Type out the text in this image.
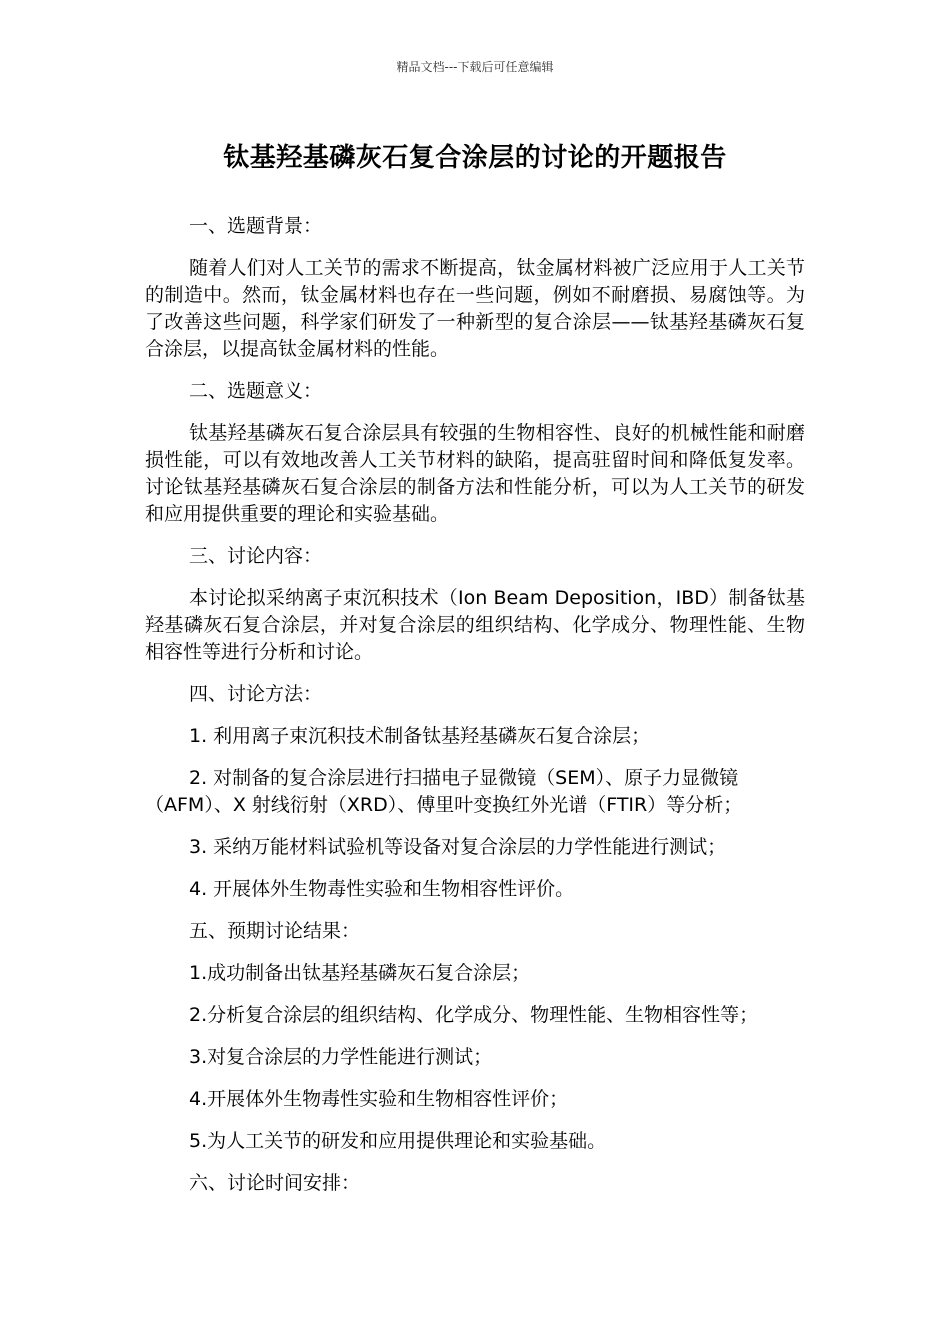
精品文档---下载后可任意编辑
钛基羟基磷灰石复合涂层的讨论的开题报告

一、选题背景：

随着人们对人工关节的需求不断提高，钛金属材料被广泛应用于人工关节的制造中。然而，钛金属材料也存在一些问题，例如不耐磨损、易腐蚀等。为了改善这些问题，科学家们研发了一种新型的复合涂层——钛基羟基磷灰石复合涂层，以提高钛金属材料的性能。

二、选题意义：

钛基羟基磷灰石复合涂层具有较强的生物相容性、良好的机械性能和耐磨损性能，可以有效地改善人工关节材料的缺陷，提高驻留时间和降低复发率。讨论钛基羟基磷灰石复合涂层的制备方法和性能分析，可以为人工关节的研发和应用提供重要的理论和实验基础。

三、讨论内容：

本讨论拟采纳离子束沉积技术（Ion Beam Deposition，IBD）制备钛基羟基磷灰石复合涂层，并对复合涂层的组织结构、化学成分、物理性能、生物相容性等进行分析和讨论。

四、讨论方法：

1. 利用离子束沉积技术制备钛基羟基磷灰石复合涂层；

2. 对制备的复合涂层进行扫描电子显微镜（SEM）、原子力显微镜
（AFM）、X 射线衍射（XRD）、傅里叶变换红外光谱（FTIR）等分析；

3. 采纳万能材料试验机等设备对复合涂层的力学性能进行测试；

4. 开展体外生物毒性实验和生物相容性评价。

五、预期讨论结果：

1.成功制备出钛基羟基磷灰石复合涂层；

2.分析复合涂层的组织结构、化学成分、物理性能、生物相容性等；

3.对复合涂层的力学性能进行测试；

4.开展体外生物毒性实验和生物相容性评价；

5.为人工关节的研发和应用提供理论和实验基础。

六、讨论时间安排：
